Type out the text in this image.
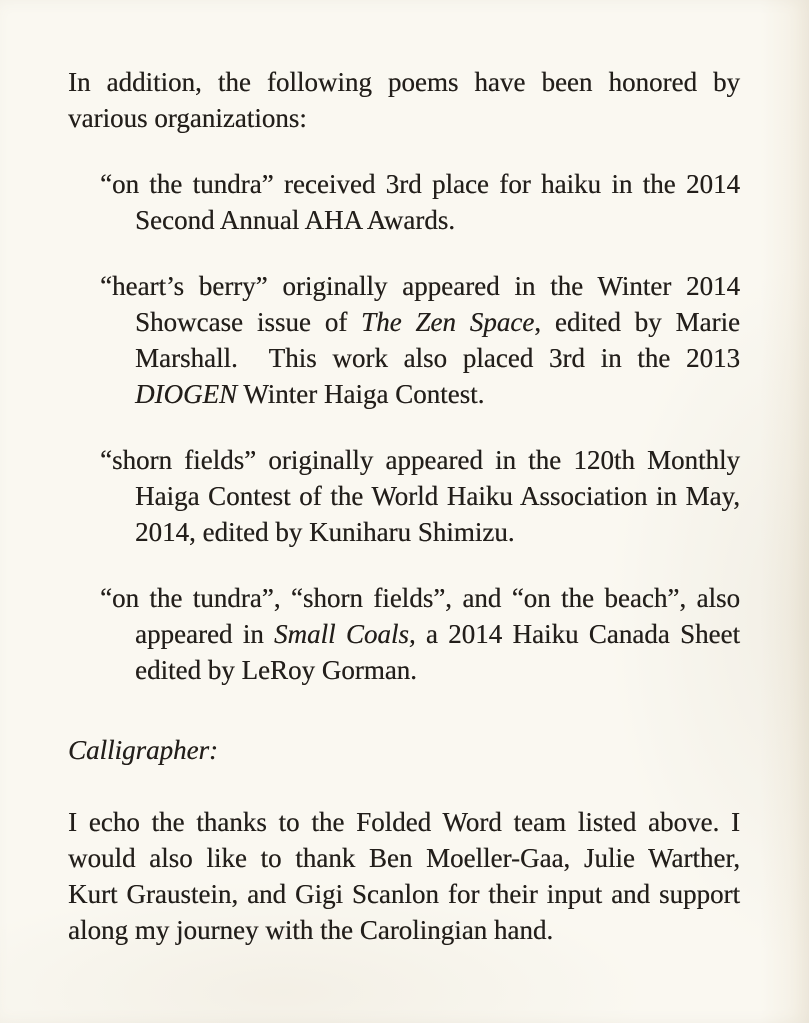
In addition, the following poems have been honored by various organizations:

“on the tundra” received 3rd place for haiku in the 2014 Second Annual AHA Awards.

“heart’s berry” originally appeared in the Winter 2014 Showcase issue of The Zen Space, edited by Marie Marshall.  This work also placed 3rd in the 2013 DIOGEN Winter Haiga Contest.

“shorn fields” originally appeared in the 120th Monthly Haiga Contest of the World Haiku Association in May, 2014, edited by Kuniharu Shimizu.

“on the tundra”, “shorn fields”, and “on the beach”, also appeared in Small Coals, a 2014 Haiku Canada Sheet edited by LeRoy Gorman.

Calligrapher:

I echo the thanks to the Folded Word team listed above. I would also like to thank Ben Moeller-Gaa, Julie Warther, Kurt Graustein, and Gigi Scanlon for their input and support along my journey with the Carolingian hand.
